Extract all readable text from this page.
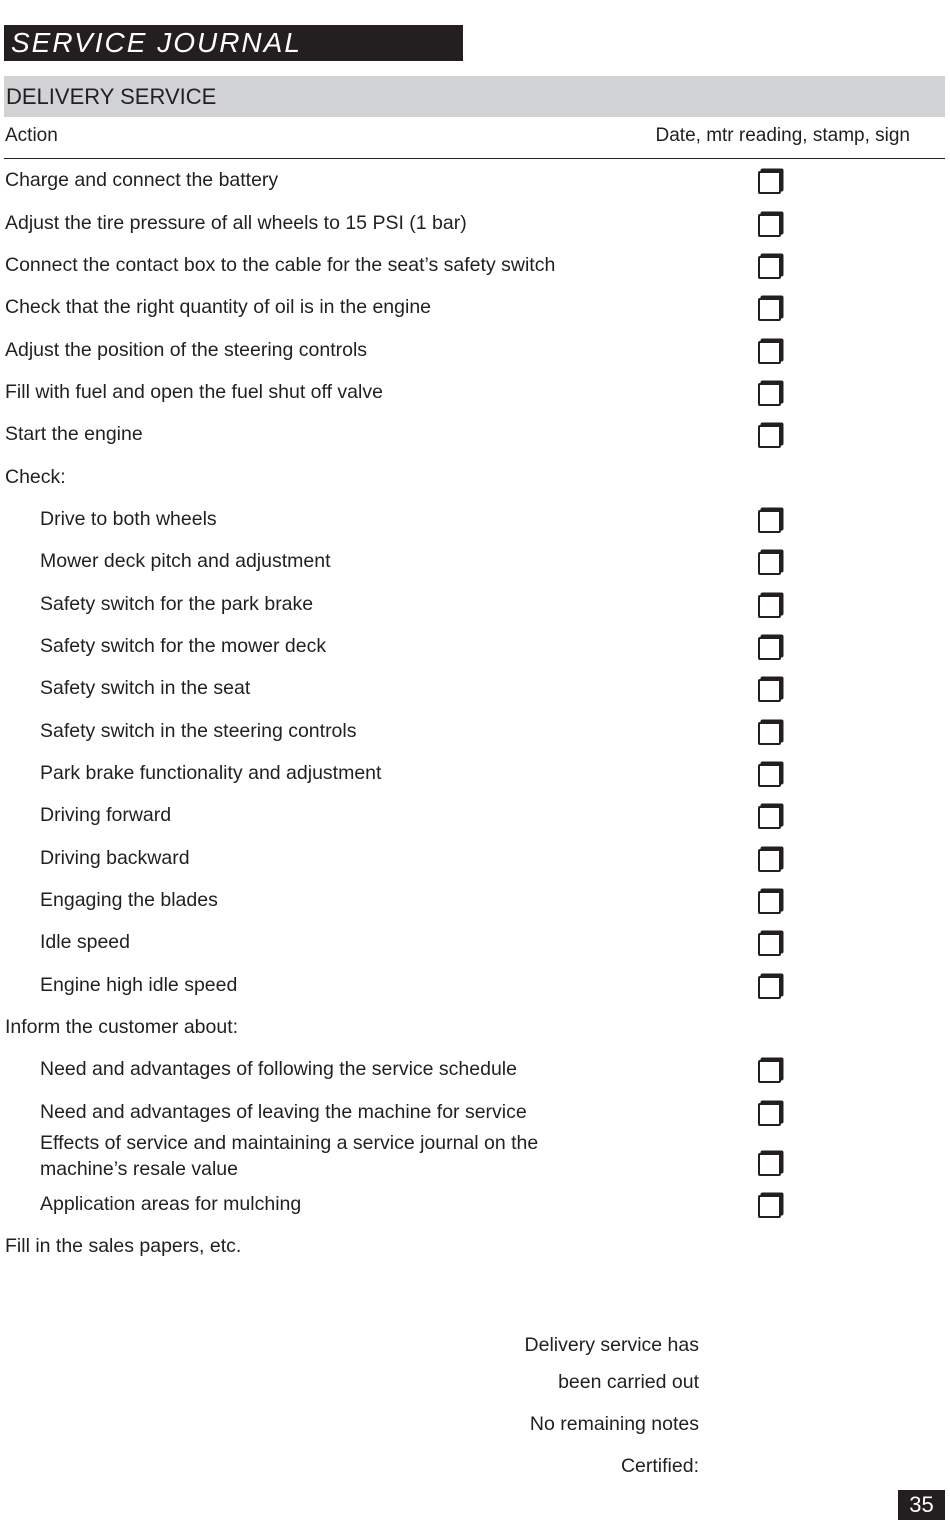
SERVICE JOURNAL
DELIVERY SERVICE
Action	Date, mtr reading, stamp, sign
Charge and connect the battery
Adjust the tire pressure of all wheels to 15 PSI (1 bar)
Connect the contact box to the cable for the seat’s safety switch
Check that the right quantity of oil is in the engine
Adjust the position of the steering controls
Fill with fuel and open the fuel shut off valve
Start the engine
Check:
Drive to both wheels
Mower deck pitch and adjustment
Safety switch for the park brake
Safety switch for the mower deck
Safety switch in the seat
Safety switch in the steering controls
Park brake functionality and adjustment
Driving forward
Driving backward
Engaging the blades
Idle speed
Engine high idle speed
Inform the customer about:
Need and advantages of following the service schedule
Need and advantages of leaving the machine for service
Effects of service and maintaining a service journal on the
machine’s resale value
Application areas for mulching
Fill in the sales papers, etc.
Delivery service has
been carried out
No remaining notes
Certified:
35
